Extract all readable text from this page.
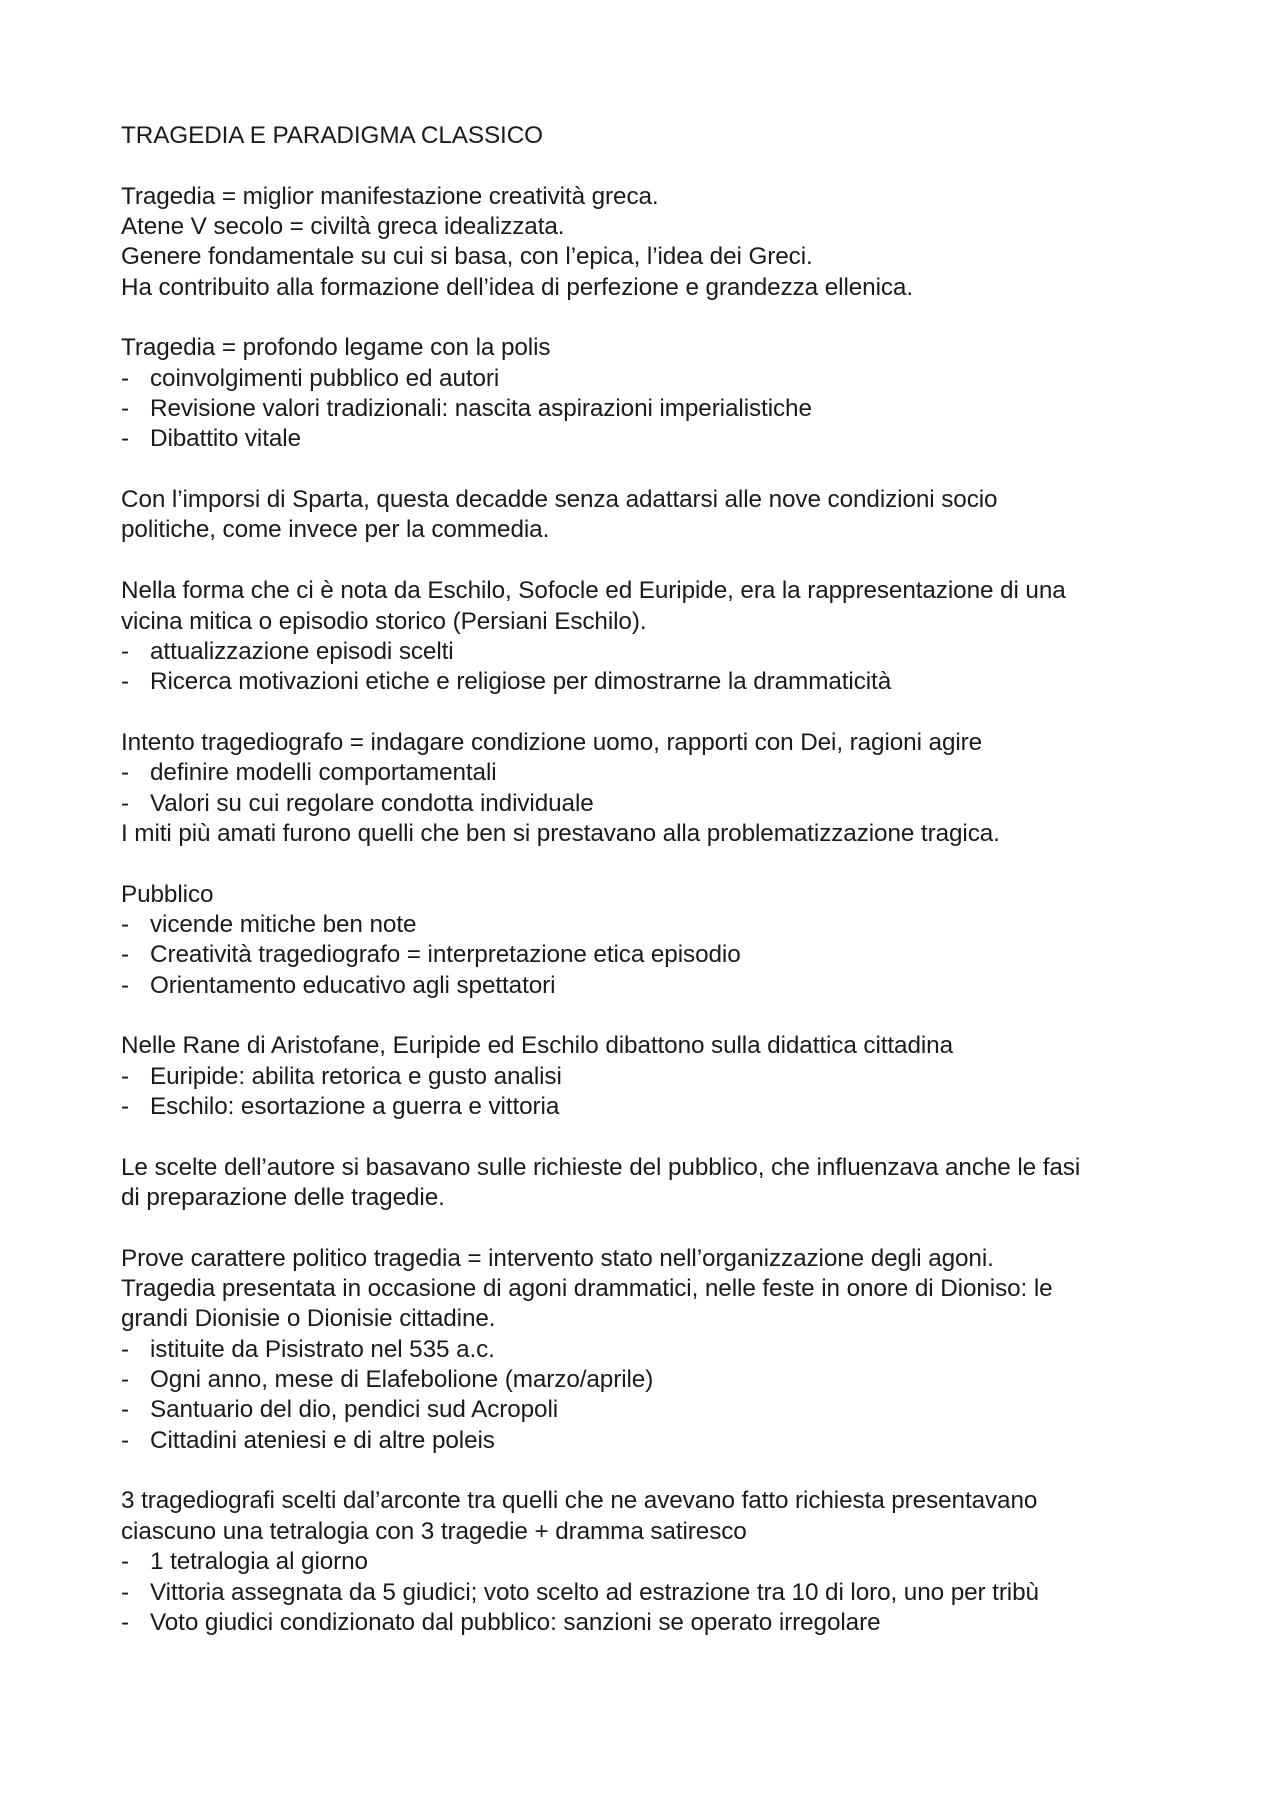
TRAGEDIA E PARADIGMA CLASSICO
Tragedia = miglior manifestazione creatività greca.
Atene V secolo = civiltà greca idealizzata.
Genere fondamentale su cui si basa, con l’epica, l’idea dei Greci.
Ha contribuito alla formazione dell’idea di perfezione e grandezza ellenica.
Tragedia = profondo legame con la polis
- coinvolgimenti pubblico ed autori
- Revisione valori tradizionali: nascita aspirazioni imperialistiche
- Dibattito vitale
Con l’imporsi di Sparta, questa decadde senza adattarsi alle nove condizioni socio
politiche, come invece per la commedia.
Nella forma che ci è nota da Eschilo, Sofocle ed Euripide, era la rappresentazione di una
vicina mitica o episodio storico (Persiani Eschilo).
- attualizzazione episodi scelti
- Ricerca motivazioni etiche e religiose per dimostrarne la drammaticità
Intento tragediografo = indagare condizione uomo, rapporti con Dei, ragioni agire
- definire modelli comportamentali
- Valori su cui regolare condotta individuale
I miti più amati furono quelli che ben si prestavano alla problematizzazione tragica.
Pubblico
- vicende mitiche ben note
- Creatività tragediografo = interpretazione etica episodio
- Orientamento educativo agli spettatori
Nelle Rane di Aristofane, Euripide ed Eschilo dibattono sulla didattica cittadina
- Euripide: abilita retorica e gusto analisi
- Eschilo: esortazione a guerra e vittoria
Le scelte dell’autore si basavano sulle richieste del pubblico, che influenzava anche le fasi
di preparazione delle tragedie.
Prove carattere politico tragedia = intervento stato nell’organizzazione degli agoni.
Tragedia presentata in occasione di agoni drammatici, nelle feste in onore di Dioniso: le
grandi Dionisie o Dionisie cittadine.
- istituite da Pisistrato nel 535 a.c.
- Ogni anno, mese di Elafebolione (marzo/aprile)
- Santuario del dio, pendici sud Acropoli
- Cittadini ateniesi e di altre poleis
3 tragediografi scelti dal’arconte tra quelli che ne avevano fatto richiesta presentavano
ciascuno una tetralogia con 3 tragedie + dramma satiresco
- 1 tetralogia al giorno
- Vittoria assegnata da 5 giudici; voto scelto ad estrazione tra 10 di loro, uno per tribù
- Voto giudici condizionato dal pubblico: sanzioni se operato irregolare
